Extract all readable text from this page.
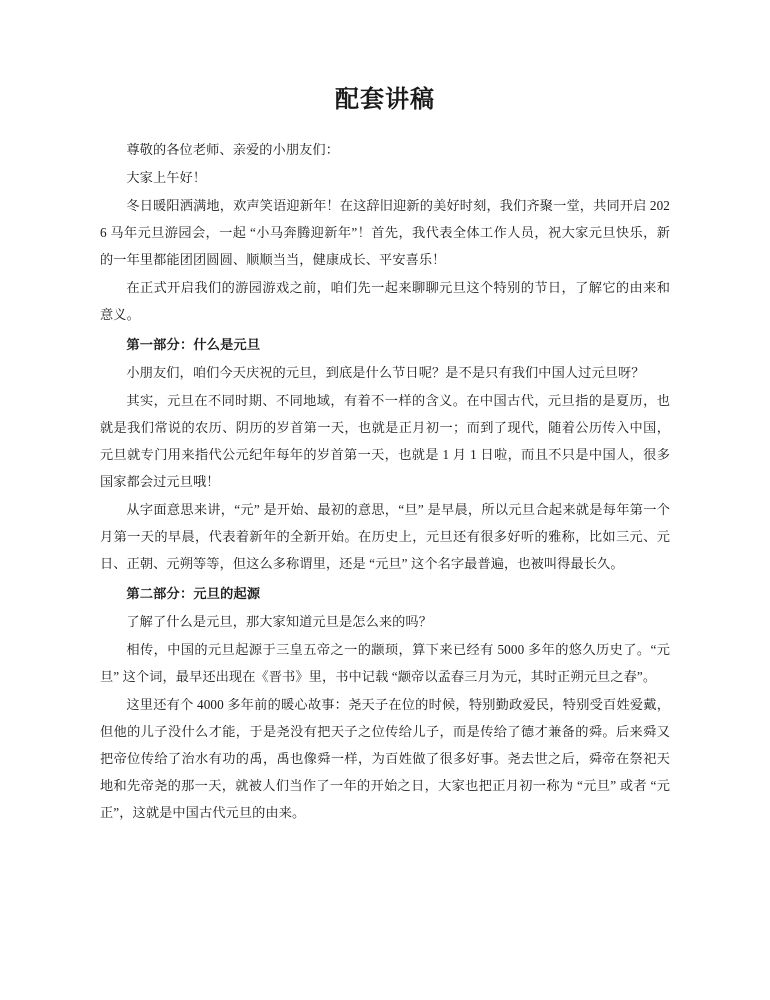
配套讲稿

尊敬的各位老师、亲爱的小朋友们：

大家上午好！

冬日暖阳洒满地，欢声笑语迎新年！在这辞旧迎新的美好时刻，我们齐聚一堂，共同开启 2026 马年元旦游园会，一起 “小马奔腾迎新年”！首先，我代表全体工作人员，祝大家元旦快乐，新的一年里都能团团圆圆、顺顺当当，健康成长、平安喜乐！

在正式开启我们的游园游戏之前，咱们先一起来聊聊元旦这个特别的节日，了解它的由来和意义。

第一部分：什么是元旦

小朋友们，咱们今天庆祝的元旦，到底是什么节日呢？是不是只有我们中国人过元旦呀？

其实，元旦在不同时期、不同地域，有着不一样的含义。在中国古代，元旦指的是夏历，也就是我们常说的农历、阴历的岁首第一天，也就是正月初一；而到了现代，随着公历传入中国，元旦就专门用来指代公元纪年每年的岁首第一天，也就是 1 月 1 日啦，而且不只是中国人，很多国家都会过元旦哦！

从字面意思来讲，“元” 是开始、最初的意思，“旦” 是早晨，所以元旦合起来就是每年第一个月第一天的早晨，代表着新年的全新开始。在历史上，元旦还有很多好听的雅称，比如三元、元日、正朝、元朔等等，但这么多称谓里，还是 “元旦” 这个名字最普遍，也被叫得最长久。

第二部分：元旦的起源

了解了什么是元旦，那大家知道元旦是怎么来的吗？

相传，中国的元旦起源于三皇五帝之一的颛顼，算下来已经有 5000 多年的悠久历史了。“元旦” 这个词，最早还出现在《晋书》里，书中记载 “颛帝以孟春三月为元，其时正朔元旦之春”。

这里还有个 4000 多年前的暖心故事：尧天子在位的时候，特别勤政爱民，特别受百姓爱戴，但他的儿子没什么才能，于是尧没有把天子之位传给儿子，而是传给了德才兼备的舜。后来舜又把帝位传给了治水有功的禹，禹也像舜一样，为百姓做了很多好事。尧去世之后，舜帝在祭祀天地和先帝尧的那一天，就被人们当作了一年的开始之日，大家也把正月初一称为 “元旦” 或者 “元正”，这就是中国古代元旦的由来。
